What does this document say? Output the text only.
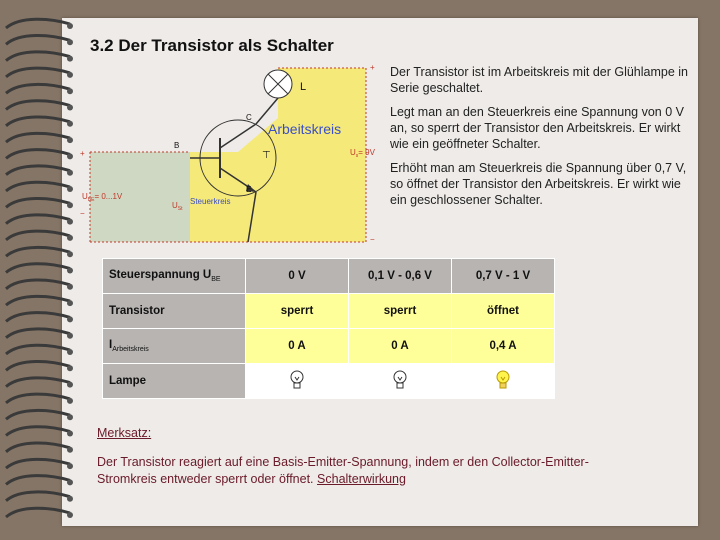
3.2 Der Transistor als Schalter
L
C
B
E
Arbeitskreis
⊤	$U_s= 9V$
+
−
+
−
$U_{BE}= 0...1V$
$U_{St}$
Steuerkreis

Der Transistor ist im Arbeitskreis mit der Glühlampe in Serie geschaltet.

Legt man an den Steuerkreis eine Spannung von 0 V an, so sperrt der Transistor den Arbeitskreis. Er wirkt wie ein geöffneter Schalter.

Erhöht man am Steuerkreis die Spannung über 0,7 V, so öffnet der Transistor den Arbeitskreis. Er wirkt wie ein geschlossener Schalter.

Steuerspannung $U_{BE}$	0 V	0,1 V - 0,6 V	0,7 V - 1 V
Transistor	sperrt	sperrt	öffnet
$I_{Arbeitskreis}$	0 A	0 A	0,4 A
Lampe			
Merksatz:
Der Transistor reagiert auf eine Basis-Emitter-Spannung, indem er den Collector-Emitter-Stromkreis entweder sperrt oder öffnet. Schalterwirkung
